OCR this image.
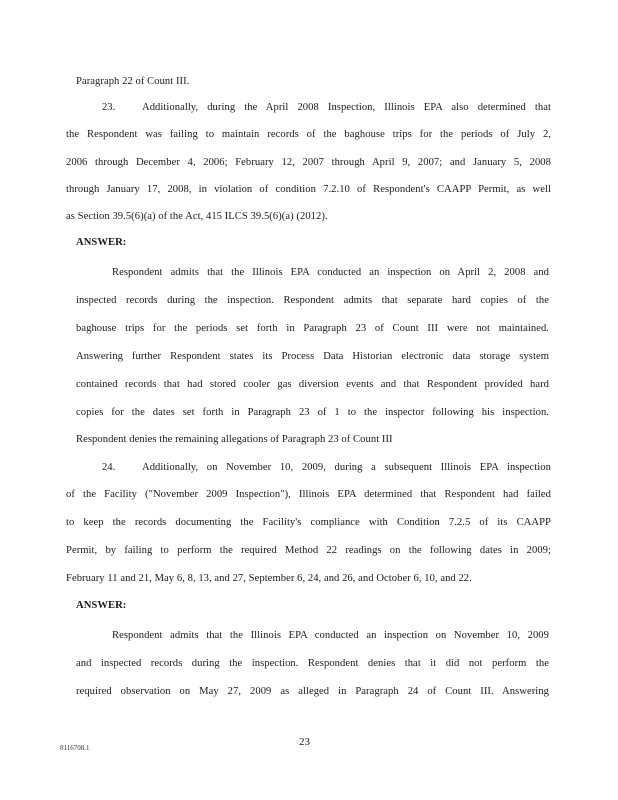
Paragraph 22 of Count III.
23.	Additionally, during the April 2008 Inspection, Illinois EPA also determined that
the Respondent was failing to maintain records of the baghouse trips for the periods of July 2,
2006 through December 4, 2006; February 12, 2007 through April 9, 2007; and January 5, 2008
through January 17, 2008, in violation of condition 7.2.10 of Respondent's CAAPP Permit, as well
as Section 39.5(6)(a) of the Act, 415 ILCS 39.5(6)(a) (2012).
ANSWER:
Respondent admits that the Illinois EPA conducted an inspection on April 2, 2008 and
inspected records during the inspection. Respondent admits that separate hard copies of the
baghouse trips for the periods set forth in Paragraph 23 of Count III were not maintained.
Answering further Respondent states its Process Data Historian electronic data storage system
contained records that had stored cooler gas diversion events and that Respondent provided hard
copies for the dates set forth in Paragraph 23 of 1 to the inspector following his inspection.
Respondent denies the remaining allegations of Paragraph 23 of Count III
24.	Additionally, on November 10, 2009, during a subsequent Illinois EPA inspection
of the Facility ("November 2009 Inspection"), Illinois EPA determined that Respondent had failed
to keep the records documenting the Facility's compliance with Condition 7.2.5 of its CAAPP
Permit, by failing to perform the required Method 22 readings on the following dates in 2009;
February 11 and 21, May 6, 8, 13, and 27, September 6, 24, and 26, and October 6, 10, and 22.
ANSWER:
Respondent admits that the Illinois EPA conducted an inspection on November 10, 2009
and inspected records during the inspection. Respondent denies that it did not perform the
required observation on May 27, 2009 as alleged in Paragraph 24 of Count III. Answering
8116708.1	23
